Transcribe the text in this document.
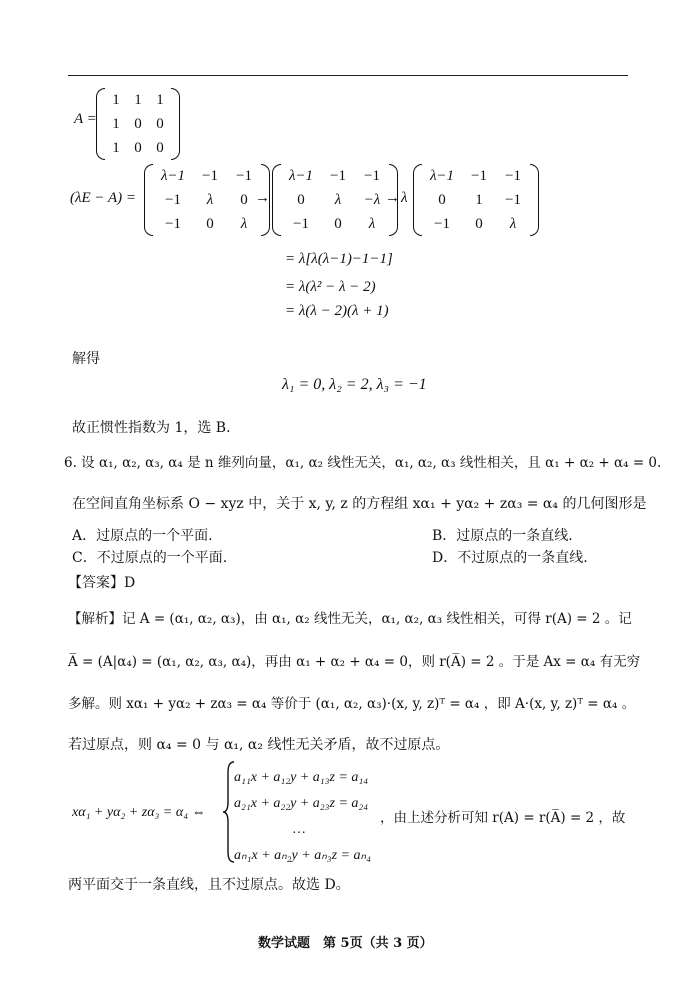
A =
1 1 1
1 0 0
1 0 0
(λE − A) =
λ−1	−1	−1
−1	λ	0
−1	0	λ
→
λ−1	−1	−1
0	λ	−λ
−1	0	λ
→ λ
λ−1	−1	−1
0	1	−1
−1	0	λ
= λ[λ(λ−1)−1−1]
= λ(λ² − λ − 2)
= λ(λ − 2)(λ + 1)
解得
λ₁ = 0, λ₂ = 2, λ₃ = −1
故正惯性指数为 1，选 B.
6. 设 α₁, α₂, α₃, α₄ 是 n 维列向量，α₁, α₂ 线性无关，α₁, α₂, α₃ 线性相关，且 α₁ + α₂ + α₄ = 0.
在空间直角坐标系 O − xyz 中，关于 x, y, z 的方程组 xα₁ + yα₂ + zα₃ = α₄ 的几何图形是
A．过原点的一个平面.	B．过原点的一条直线.
C．不过原点的一个平面.	D．不过原点的一条直线.
【答案】D
【解析】记 A = (α₁, α₂, α₃)，由 α₁, α₂ 线性无关，α₁, α₂, α₃ 线性相关，可得 r(A) = 2 。记
A̅ = (A|α₄) = (α₁, α₂, α₃, α₄)，再由 α₁ + α₂ + α₄ = 0，则 r(A̅) = 2 。于是 Ax = α₄ 有无穷
多解。则 xα₁ + yα₂ + zα₃ = α₄ 等价于 (α₁, α₂, α₃)·(x, y, z)ᵀ = α₄ ，即 A·(x, y, z)ᵀ = α₄ 。
若过原点，则 α₄ = 0 与 α₁, α₂ 线性无关矛盾，故不过原点。
xα₁ + yα₂ + zα₃ = α₄ ⇔
a₁₁x + a₁₂y + a₁₃z = a₁₄
a₂₁x + a₂₂y + a₂₃z = a₂₄
…
aₙ₁x + aₙ₂y + aₙ₃z = aₙ₄
，由上述分析可知 r(A) = r(A̅) = 2 ，故
两平面交于一条直线，且不过原点。故选 D。
数学试题　第 5页（共 3 页）
